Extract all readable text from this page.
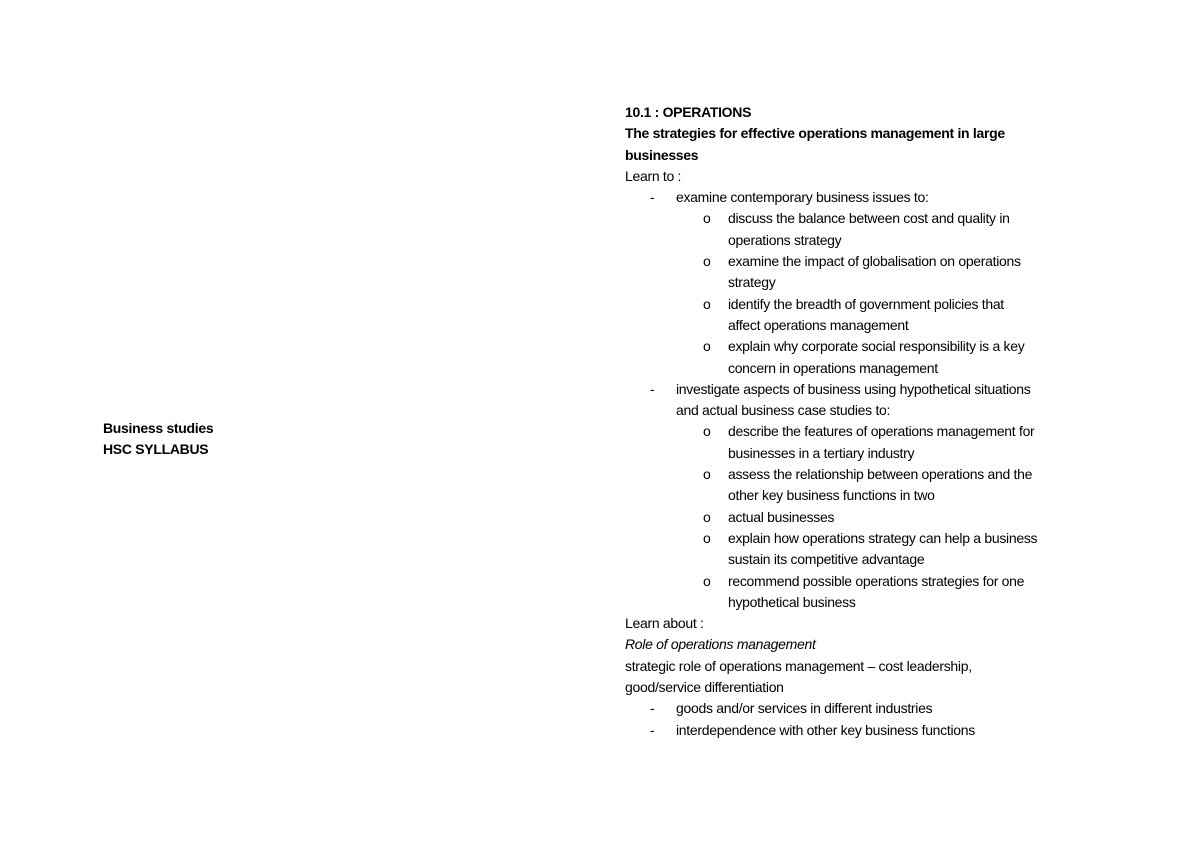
Business studies
HSC SYLLABUS
10.1 : OPERATIONS
The strategies for effective operations management in large
businesses
Learn to :
- examine contemporary business issues to:
o discuss the balance between cost and quality in
operations strategy
o examine the impact of globalisation on operations
strategy
o identify the breadth of government policies that
affect operations management
o explain why corporate social responsibility is a key
concern in operations management
- investigate aspects of business using hypothetical situations
and actual business case studies to:
o describe the features of operations management for
businesses in a tertiary industry
o assess the relationship between operations and the
other key business functions in two
o actual businesses
o explain how operations strategy can help a business
sustain its competitive advantage
o recommend possible operations strategies for one
hypothetical business
Learn about :
Role of operations management
strategic role of operations management – cost leadership,
good/service differentiation
- goods and/or services in different industries
- interdependence with other key business functions
